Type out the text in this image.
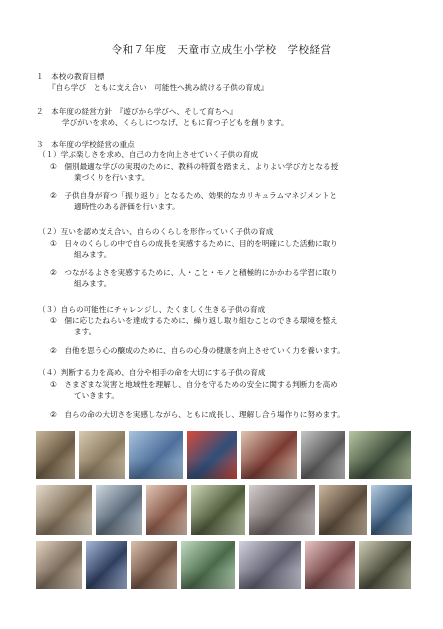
令和７年度　天童市立成生小学校　学校経営
１　本校の教育目標
『自ら学び　ともに支え合い　可能性へ挑み続ける子供の育成』
２　本年度の経営方針　『遊びから学びへ、そして育ちへ』
学びがいを求め、くらしにつなげ、ともに育つ子どもを創ります。
３　本年度の学校経営の重点
（１）学ぶ楽しさを求め、自己の力を向上させていく子供の育成
①　個別最適な学びの実現のために、教科の特質を踏まえ、よりよい学び方となる授
業づくりを行います。
②　子供自身が育つ「振り返り」となるため、効果的なカリキュラムマネジメントと
適時性のある評価を行います。
（２）互いを認め支え合い、自らのくらしを形作っていく子供の育成
①　日々のくらしの中で自らの成長を実感するために、目的を明確にした活動に取り
組みます。
②　つながるよさを実感するために、人・こと・モノと積極的にかかわる学習に取り
組みます。
（３）自らの可能性にチャレンジし、たくましく生きる子供の育成
①　個に応じたねらいを達成するために、繰り返し取り組むことのできる環境を整え
ます。
②　自他を思う心の醸成のために、自らの心身の健康を向上させていく力を養います。
（４）判断する力を高め、自分や相手の命を大切にする子供の育成
①　さまざまな災害と地域性を理解し、自分を守るための安全に関する判断力を高め
ていきます。
②　自らの命の大切さを実感しながら、ともに成長し、理解し合う場作りに努めます。
